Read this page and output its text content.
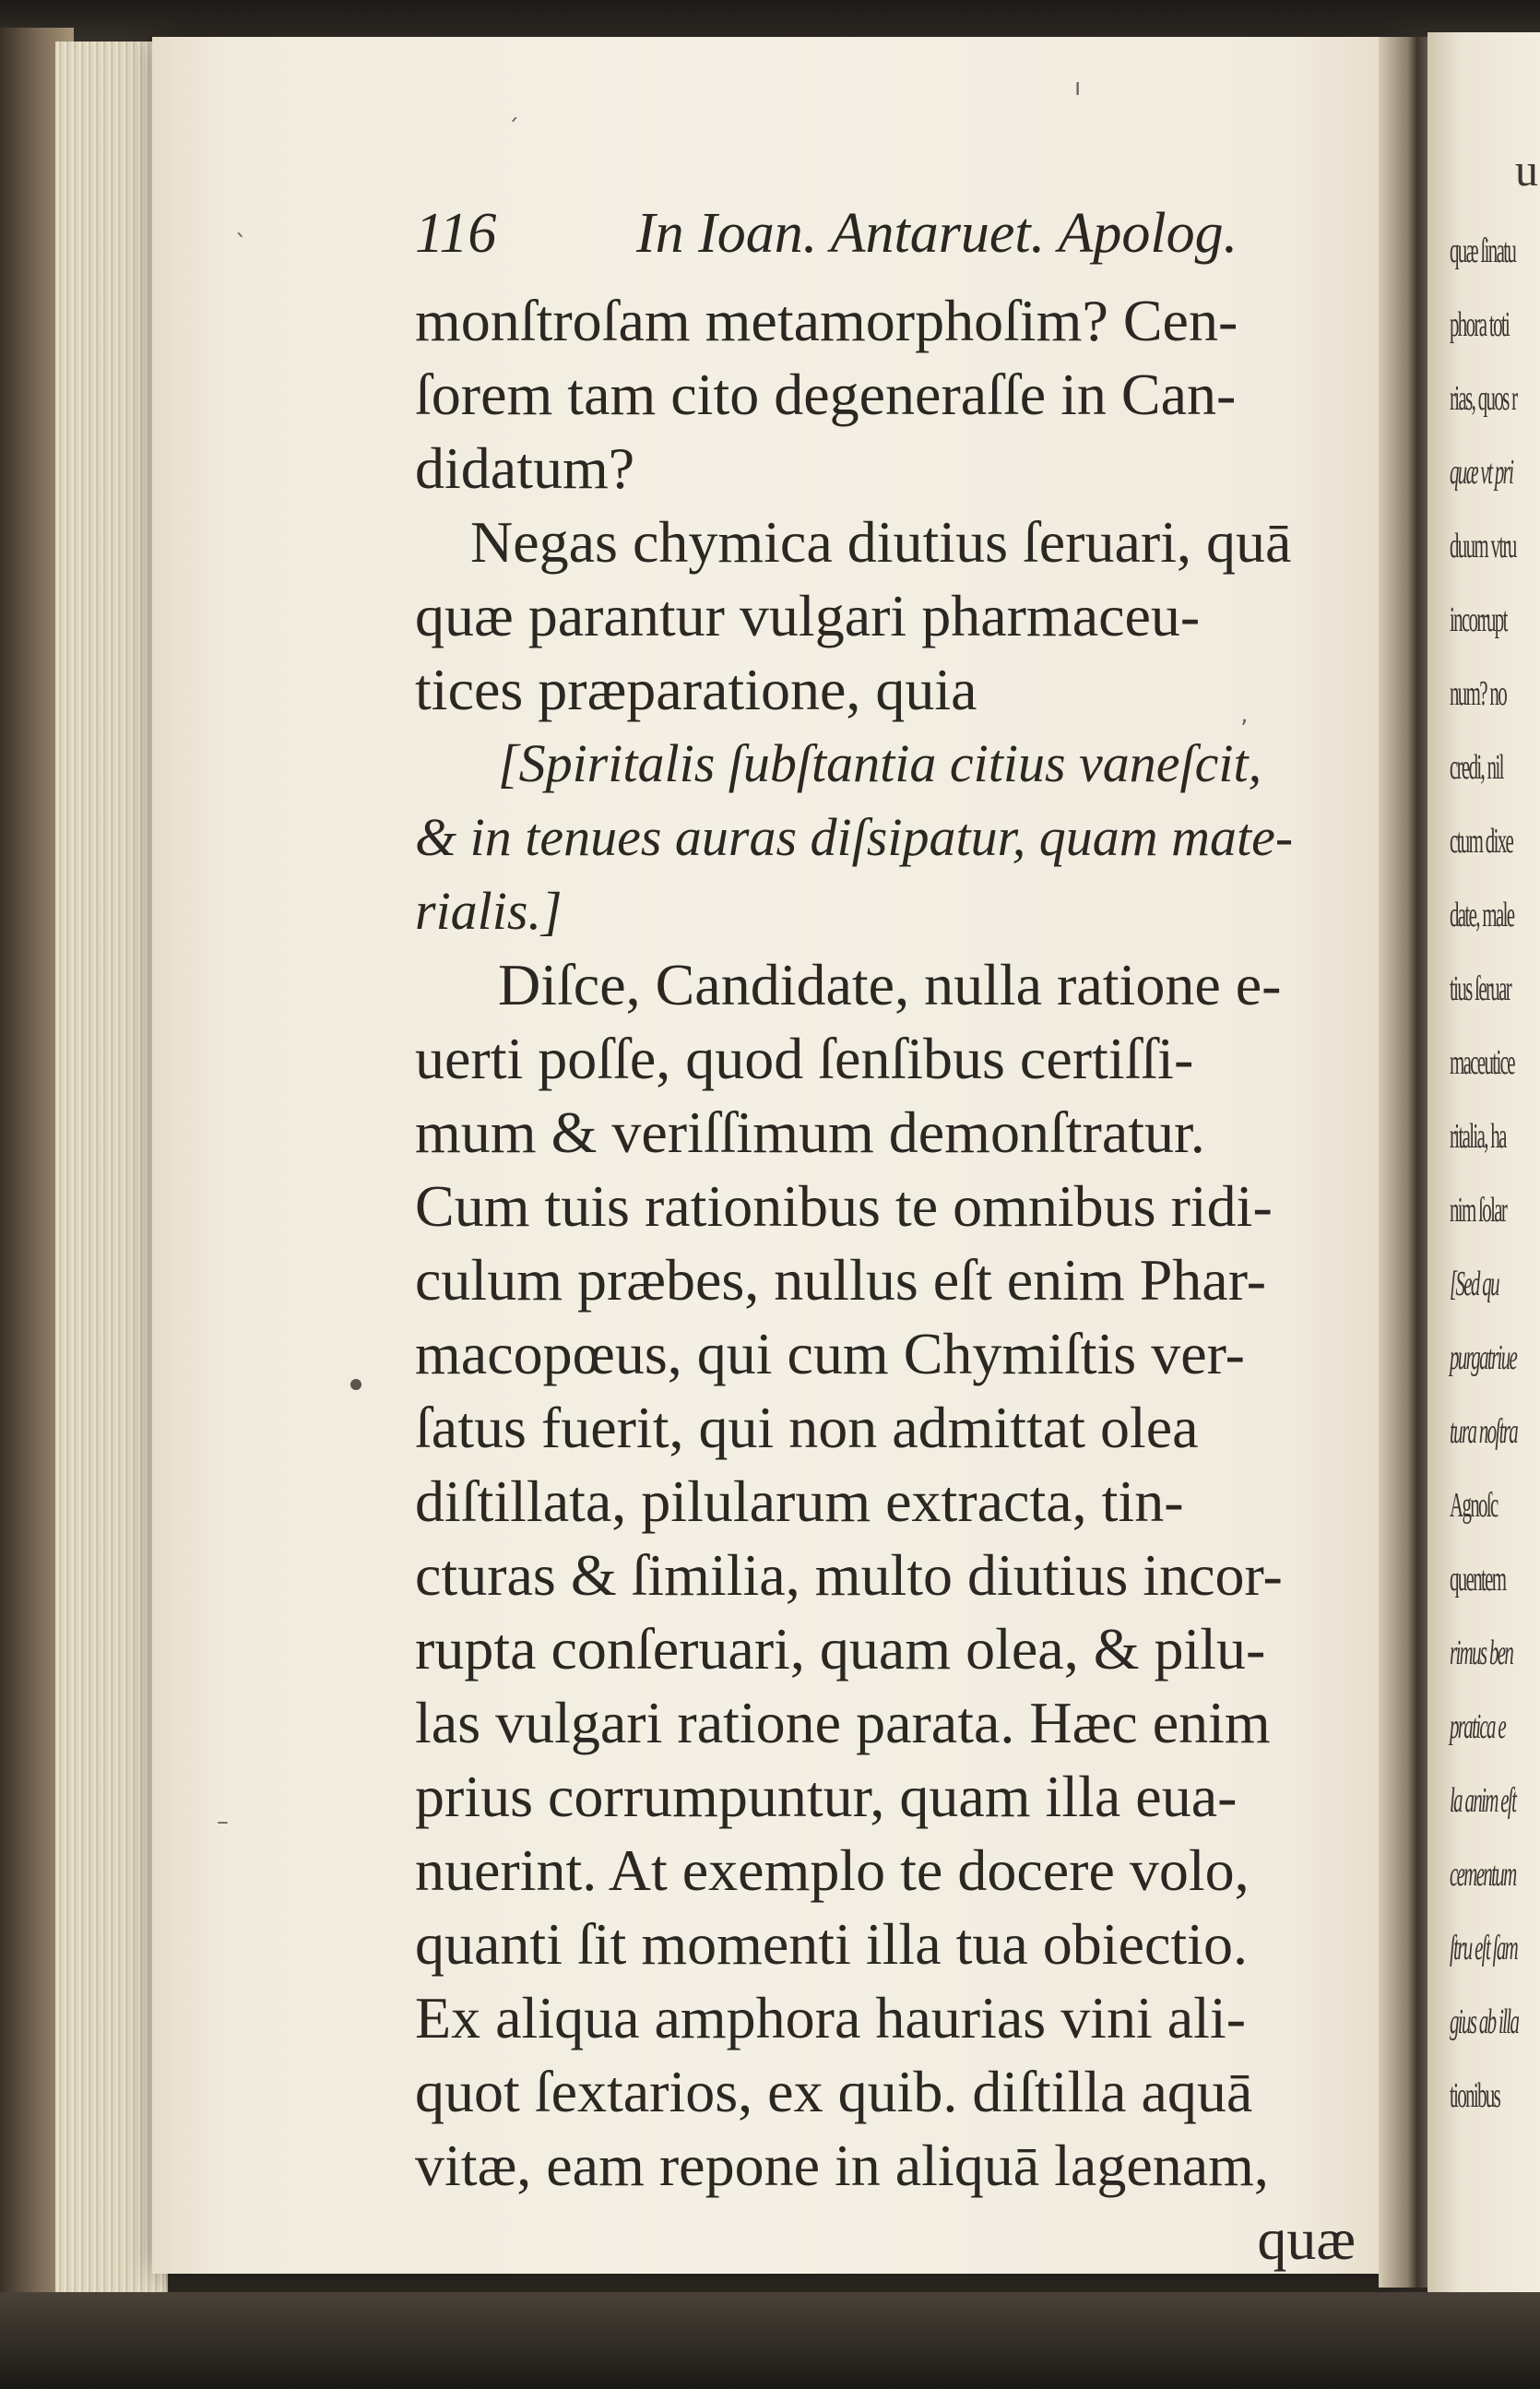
ˊ
ı
ˋ
‚
–
u
quæ ſinatu
phora toti
rias, quos r
quæ vt pri
duum vtru
incorrupt
num? no
credi, nil
ctum dixe
date, male
tius ſeruar
maceutice
ritalia, ha
nim ſolar
[Sed qu
purgatriue
tura noſtra
Agnoſc
quentem
rimus ben
pratica e
la anim eſt
cementum
ſtru eſt ſam
gius ab illa
tionibus
116 In Ioan. Antaruet. Apolog.
monſtroſam metamorphoſim? Cen-
ſorem tam cito degeneraſſe in Can-
didatum?
Negas chymica diutius ſeruari, quā
quæ parantur vulgari pharmaceu-
tices præparatione, quia
[Spiritalis ſubſtantia citius vaneſcit,
& in tenues auras diſsipatur, quam mate-
rialis.]
Diſce, Candidate, nulla ratione e-
uerti poſſe, quod ſenſibus certiſſi-
mum & veriſſimum demonſtratur.
Cum tuis rationibus te omnibus ridi-
culum præbes, nullus eſt enim Phar-
macopœus, qui cum Chymiſtis ver-
ſatus fuerit, qui non admittat olea
diſtillata, pilularum extracta, tin-
cturas & ſimilia, multo diutius incor-
rupta conſeruari, quam olea, & pilu-
las vulgari ratione parata. Hæc enim
prius corrumpuntur, quam illa eua-
nuerint. At exemplo te docere volo,
quanti ſit momenti illa tua obiectio.
Ex aliqua amphora haurias vini ali-
quot ſextarios, ex quib. diſtilla aquā
vitæ, eam repone in aliquā lagenam,
quæ
